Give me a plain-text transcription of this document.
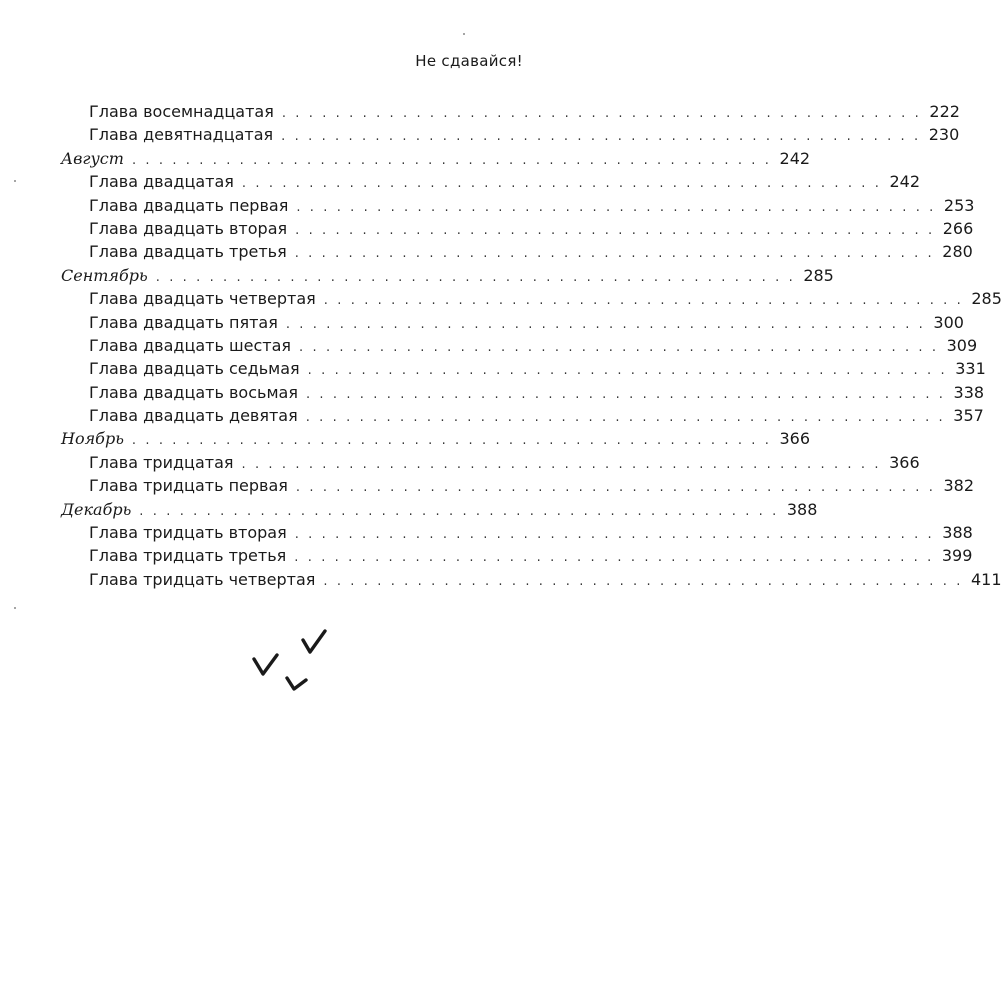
Не сдавайся!
Глава восемнадцатая . . . . . . . . . . . . . . . . . . . . . . . . . . . . . . . . . . . . . . . . . . . . . . . . 222
Глава девятнадцатая . . . . . . . . . . . . . . . . . . . . . . . . . . . . . . . . . . . . . . . . . . . . . . . . 230
Август . . . . . . . . . . . . . . . . . . . . . . . . . . . . . . . . . . . . . . . . . . . . . . . . 242
Глава двадцатая . . . . . . . . . . . . . . . . . . . . . . . . . . . . . . . . . . . . . . . . . . . . . . . . 242
Глава двадцать первая . . . . . . . . . . . . . . . . . . . . . . . . . . . . . . . . . . . . . . . . . . . . . . . . 253
Глава двадцать вторая . . . . . . . . . . . . . . . . . . . . . . . . . . . . . . . . . . . . . . . . . . . . . . . . 266
Глава двадцать третья . . . . . . . . . . . . . . . . . . . . . . . . . . . . . . . . . . . . . . . . . . . . . . . . 280
Сентябрь . . . . . . . . . . . . . . . . . . . . . . . . . . . . . . . . . . . . . . . . . . . . . . . . 285
Глава двадцать четвертая . . . . . . . . . . . . . . . . . . . . . . . . . . . . . . . . . . . . . . . . . . . . . . . . 285
Глава двадцать пятая . . . . . . . . . . . . . . . . . . . . . . . . . . . . . . . . . . . . . . . . . . . . . . . . 300
Глава двадцать шестая . . . . . . . . . . . . . . . . . . . . . . . . . . . . . . . . . . . . . . . . . . . . . . . . 309
Глава двадцать седьмая . . . . . . . . . . . . . . . . . . . . . . . . . . . . . . . . . . . . . . . . . . . . . . . . 331
Глава двадцать восьмая . . . . . . . . . . . . . . . . . . . . . . . . . . . . . . . . . . . . . . . . . . . . . . . . 338
Глава двадцать девятая . . . . . . . . . . . . . . . . . . . . . . . . . . . . . . . . . . . . . . . . . . . . . . . . 357
Ноябрь . . . . . . . . . . . . . . . . . . . . . . . . . . . . . . . . . . . . . . . . . . . . . . . . 366
Глава тридцатая . . . . . . . . . . . . . . . . . . . . . . . . . . . . . . . . . . . . . . . . . . . . . . . . 366
Глава тридцать первая . . . . . . . . . . . . . . . . . . . . . . . . . . . . . . . . . . . . . . . . . . . . . . . . 382
Декабрь . . . . . . . . . . . . . . . . . . . . . . . . . . . . . . . . . . . . . . . . . . . . . . . . 388
Глава тридцать вторая . . . . . . . . . . . . . . . . . . . . . . . . . . . . . . . . . . . . . . . . . . . . . . . . 388
Глава тридцать третья . . . . . . . . . . . . . . . . . . . . . . . . . . . . . . . . . . . . . . . . . . . . . . . . 399
Глава тридцать четвертая . . . . . . . . . . . . . . . . . . . . . . . . . . . . . . . . . . . . . . . . . . . . . . . . 411
